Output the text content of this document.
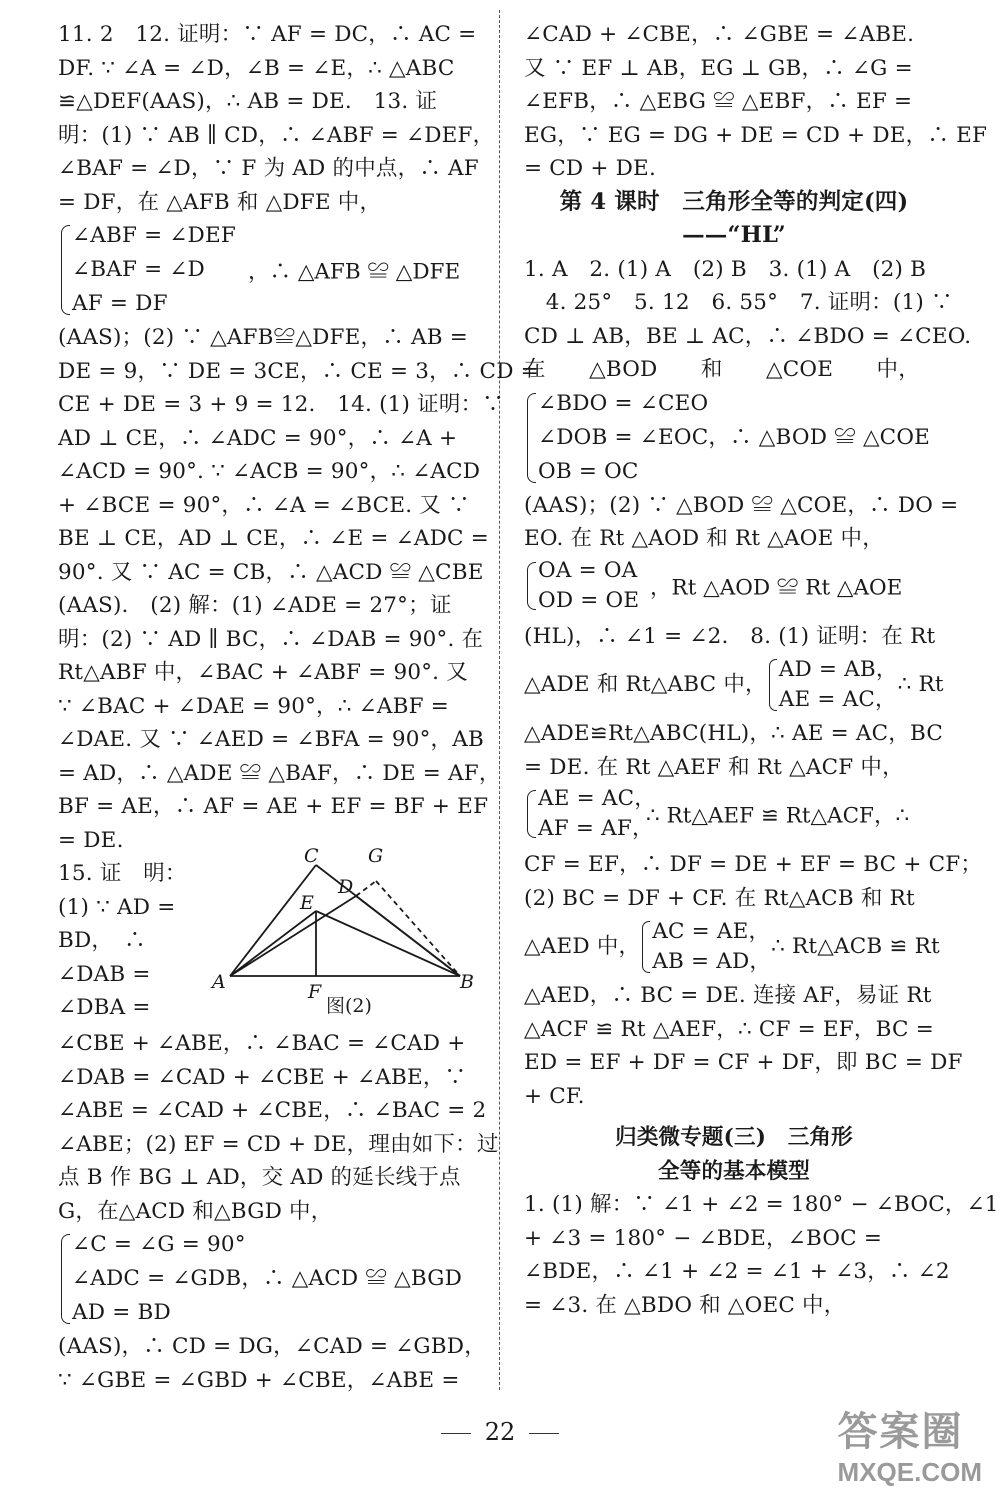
11. 2　12. 证明：∵ AF = DC，∴ AC =
DF. ∵ ∠A = ∠D，∠B = ∠E，∴ △ABC
≌△DEF(AAS)，∴ AB = DE.　13. 证
明：(1) ∵ AB ∥ CD，∴ ∠ABF = ∠DEF，
∠BAF = ∠D，∵ F 为 AD 的中点，∴ AF
= DF，在 △AFB 和 △DFE 中，
∠ABF = ∠DEF
∠BAF = ∠D
AF = DF
，∴ △AFB ≌ △DFE
(AAS)；(2) ∵ △AFB≌△DFE，∴ AB =
DE = 9，∵ DE = 3CE，∴ CE = 3，∴ CD =
CE + DE = 3 + 9 = 12.　14. (1) 证明：∵
AD ⊥ CE，∴ ∠ADC = 90°，∴ ∠A +
∠ACD = 90°. ∵ ∠ACB = 90°，∴ ∠ACD
+ ∠BCE = 90°，∴ ∠A = ∠BCE. 又 ∵
BE ⊥ CE，AD ⊥ CE，∴ ∠E = ∠ADC =
90°. 又 ∵ AC = CB，∴ △ACD ≌ △CBE
(AAS).　(2) 解：(1) ∠ADE = 27°；证
明：(2) ∵ AD ∥ BC，∴ ∠DAB = 90°. 在
Rt△ABF 中，∠BAC + ∠ABF = 90°. 又
∵ ∠BAC + ∠DAE = 90°，∴ ∠ABF =
∠DAE. 又 ∵ ∠AED = ∠BFA = 90°，AB
= AD，∴ △ADE ≌ △BAF，∴ DE = AF，
BF = AE，∴ AF = AE + EF = BF + EF
= DE.
15. 证　明：
(1) ∵ AD =
BD，　∴
∠DAB =
∠DBA =
C	G
D
E
A	F	B
图(2)
∠CBE + ∠ABE，∴ ∠BAC = ∠CAD +
∠DAB = ∠CAD + ∠CBE + ∠ABE，∵
∠ABE = ∠CAD + ∠CBE，∴ ∠BAC = 2
∠ABE；(2) EF = CD + DE，理由如下：过
点 B 作 BG ⊥ AD，交 AD 的延长线于点
G，在△ACD 和△BGD 中，
∠C = ∠G = 90°
∠ADC = ∠GDB，∴ △ACD ≌ △BGD
AD = BD
(AAS)，∴ CD = DG，∠CAD = ∠GBD，
∵ ∠GBE = ∠GBD + ∠CBE，∠ABE =
∠CAD + ∠CBE，∴ ∠GBE = ∠ABE.
又 ∵ EF ⊥ AB，EG ⊥ GB，∴ ∠G =
∠EFB，∴ △EBG ≌ △EBF，∴ EF =
EG，∵ EG = DG + DE = CD + DE，∴ EF
= CD + DE.
第 4 课时　三角形全等的判定(四)
——“HL”
1. A　2. (1) A　(2) B　3. (1) A　(2) B
　4. 25°　5. 12　6. 55°　7. 证明：(1) ∵
CD ⊥ AB，BE ⊥ AC，∴ ∠BDO = ∠CEO.
在　　△BOD　　和　　△COE　　中，
∠BDO = ∠CEO
∠DOB = ∠EOC，∴ △BOD ≌ △COE
OB = OC
(AAS)；(2) ∵ △BOD ≌ △COE，∴ DO =
EO. 在 Rt △AOD 和 Rt △AOE 中，
OA = OA
OD = OE ，Rt △AOD ≌ Rt △AOE
(HL)，∴ ∠1 = ∠2.　8. (1) 证明：在 Rt
△ADE 和 Rt△ABC 中，
AD = AB，
AE = AC，
∴ Rt
△ADE≌Rt△ABC(HL)，∴ AE = AC，BC
= DE. 在 Rt △AEF 和 Rt △ACF 中，
AE = AC，
AF = AF，
∴ Rt△AEF ≌ Rt△ACF，∴
CF = EF，∴ DF = DE + EF = BC + CF；
(2) BC = DF + CF. 在 Rt△ACB 和 Rt
△AED 中，
AC = AE，
AB = AD，
∴ Rt△ACB ≌ Rt
△AED，∴ BC = DE. 连接 AF，易证 Rt
△ACF ≌ Rt △AEF，∴ CF = EF，BC =
ED = EF + DF = CF + DF，即 BC = DF
+ CF.
归类微专题(三)　三角形
全等的基本模型
1. (1) 解：∵ ∠1 + ∠2 = 180° − ∠BOC，∠1
+ ∠3 = 180° − ∠BDE，∠BOC =
∠BDE，∴ ∠1 + ∠2 = ∠1 + ∠3，∴ ∠2
= ∠3. 在 △BDO 和 △OEC 中，
22	答案圈
MXQE.COM
